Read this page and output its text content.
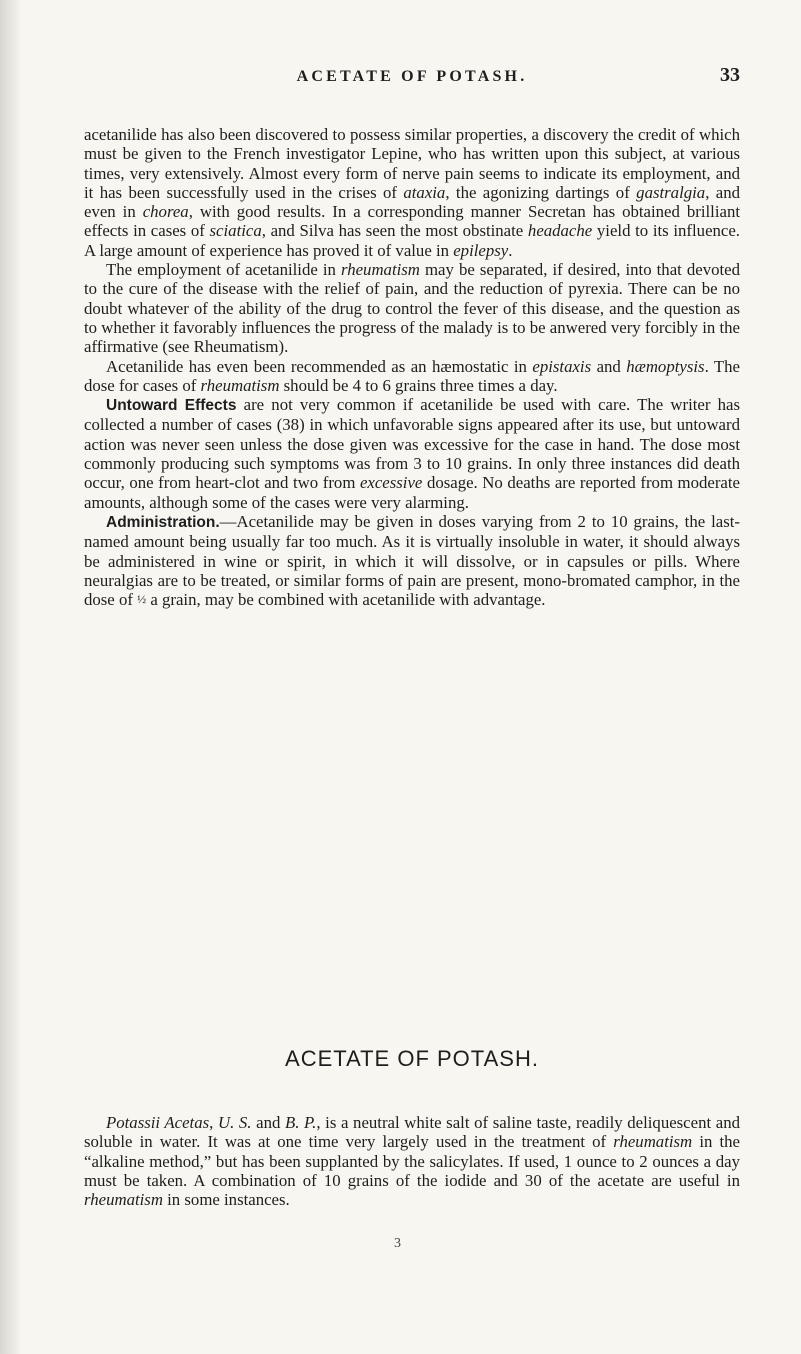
ACETATE OF POTASH.	33

acetanilide has also been discovered to possess similar properties, a discovery the credit of which must be given to the French investigator Lepine, who has written upon this subject, at various times, very extensively. Almost every form of nerve pain seems to indicate its employment, and it has been successfully used in the crises of ataxia, the agonizing dartings of gastralgia, and even in chorea, with good results. In a corresponding manner Secretan has obtained brilliant effects in cases of sciatica, and Silva has seen the most obstinate headache yield to its influence. A large amount of experience has proved it of value in epilepsy.

The employment of acetanilide in rheumatism may be separated, if desired, into that devoted to the cure of the disease with the relief of pain, and the reduction of pyrexia. There can be no doubt whatever of the ability of the drug to control the fever of this disease, and the question as to whether it favorably influences the progress of the malady is to be anwered very forcibly in the affirmative (see Rheumatism).

Acetanilide has even been recommended as an hæmostatic in epistaxis and hæmoptysis. The dose for cases of rheumatism should be 4 to 6 grains three times a day.

Untoward Effects are not very common if acetanilide be used with care. The writer has collected a number of cases (38) in which unfavorable signs appeared after its use, but untoward action was never seen unless the dose given was excessive for the case in hand. The dose most commonly producing such symptoms was from 3 to 10 grains. In only three instances did death occur, one from heart-clot and two from excessive dosage. No deaths are reported from moderate amounts, although some of the cases were very alarming.

Administration.—Acetanilide may be given in doses varying from 2 to 10 grains, the last-named amount being usually far too much. As it is virtually insoluble in water, it should always be administered in wine or spirit, in which it will dissolve, or in capsules or pills. Where neuralgias are to be treated, or similar forms of pain are present, mono-bromated camphor, in the dose of ½ a grain, may be combined with acetanilide with advantage.

ACETATE OF POTASH.

Potassii Acetas, U. S. and B. P., is a neutral white salt of saline taste, readily deliquescent and soluble in water. It was at one time very largely used in the treatment of rheumatism in the “alkaline method,” but has been supplanted by the salicylates. If used, 1 ounce to 2 ounces a day must be taken. A combination of 10 grains of the iodide and 30 of the acetate are useful in rheumatism in some instances.

3
